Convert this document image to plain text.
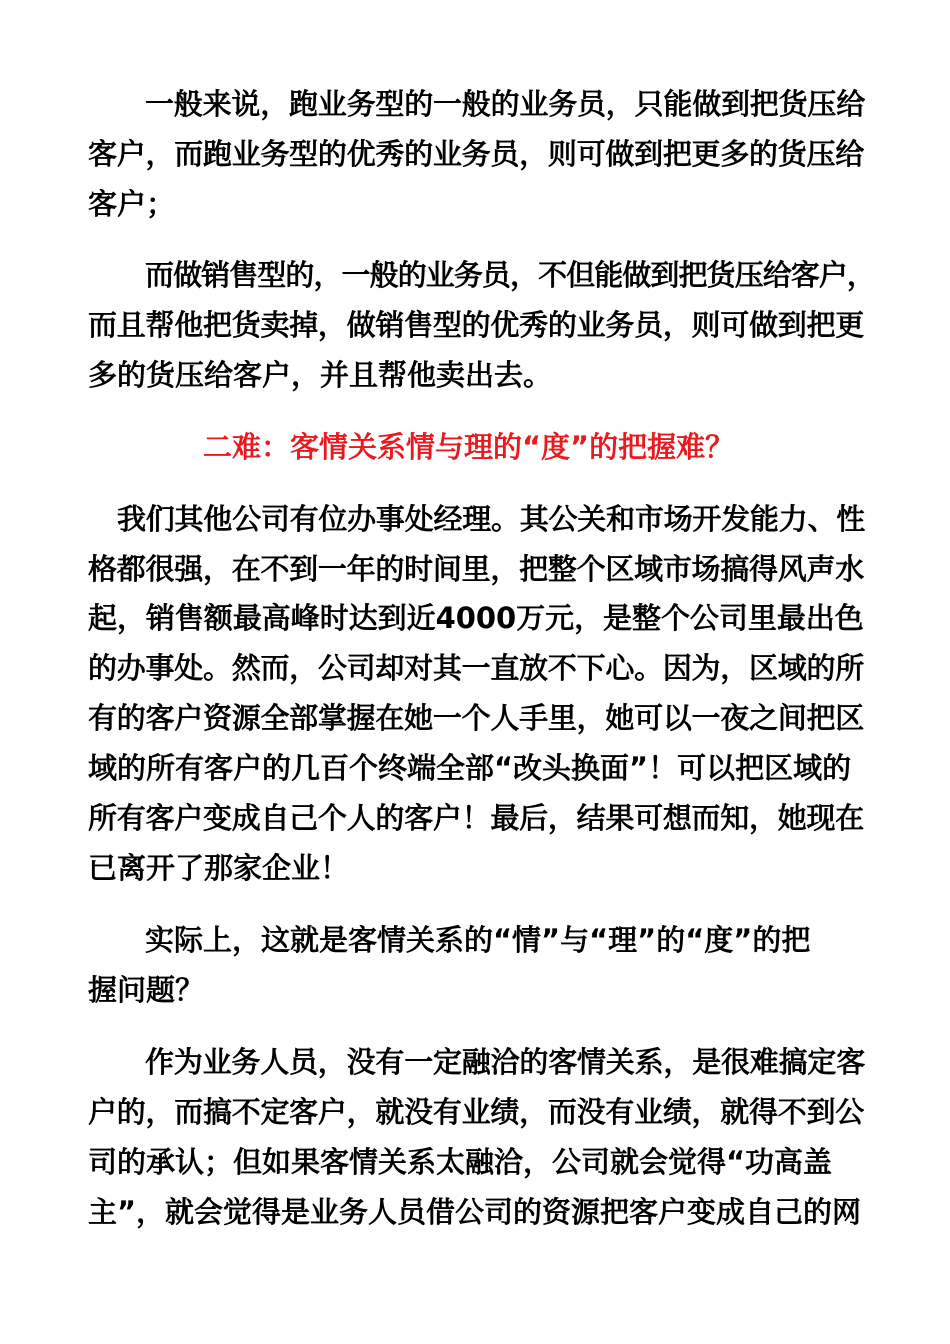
一般来说，跑业务型的一般的业务员，只能做到把货压给
客户，而跑业务型的优秀的业务员，则可做到把更多的货压给
客户；
而做销售型的，一般的业务员，不但能做到把货压给客户，
而且帮他把货卖掉，做销售型的优秀的业务员，则可做到把更
多的货压给客户，并且帮他卖出去。
二难：客情关系情与理的“度”的把握难？
我们其他公司有位办事处经理。其公关和市场开发能力、性
格都很强，在不到一年的时间里，把整个区域市场搞得风声水
起，销售额最高峰时达到近4000万元，是整个公司里最出色
的办事处。然而，公司却对其一直放不下心。因为，区域的所
有的客户资源全部掌握在她一个人手里，她可以一夜之间把区
域的所有客户的几百个终端全部“改头换面”！可以把区域的
所有客户变成自己个人的客户！最后，结果可想而知，她现在
已离开了那家企业！
实际上，这就是客情关系的“情”与“理”的“度”的把
握问题？
作为业务人员，没有一定融洽的客情关系，是很难搞定客
户的，而搞不定客户，就没有业绩，而没有业绩，就得不到公
司的承认；但如果客情关系太融洽，公司就会觉得“功高盖
主”，就会觉得是业务人员借公司的资源把客户变成自己的网
